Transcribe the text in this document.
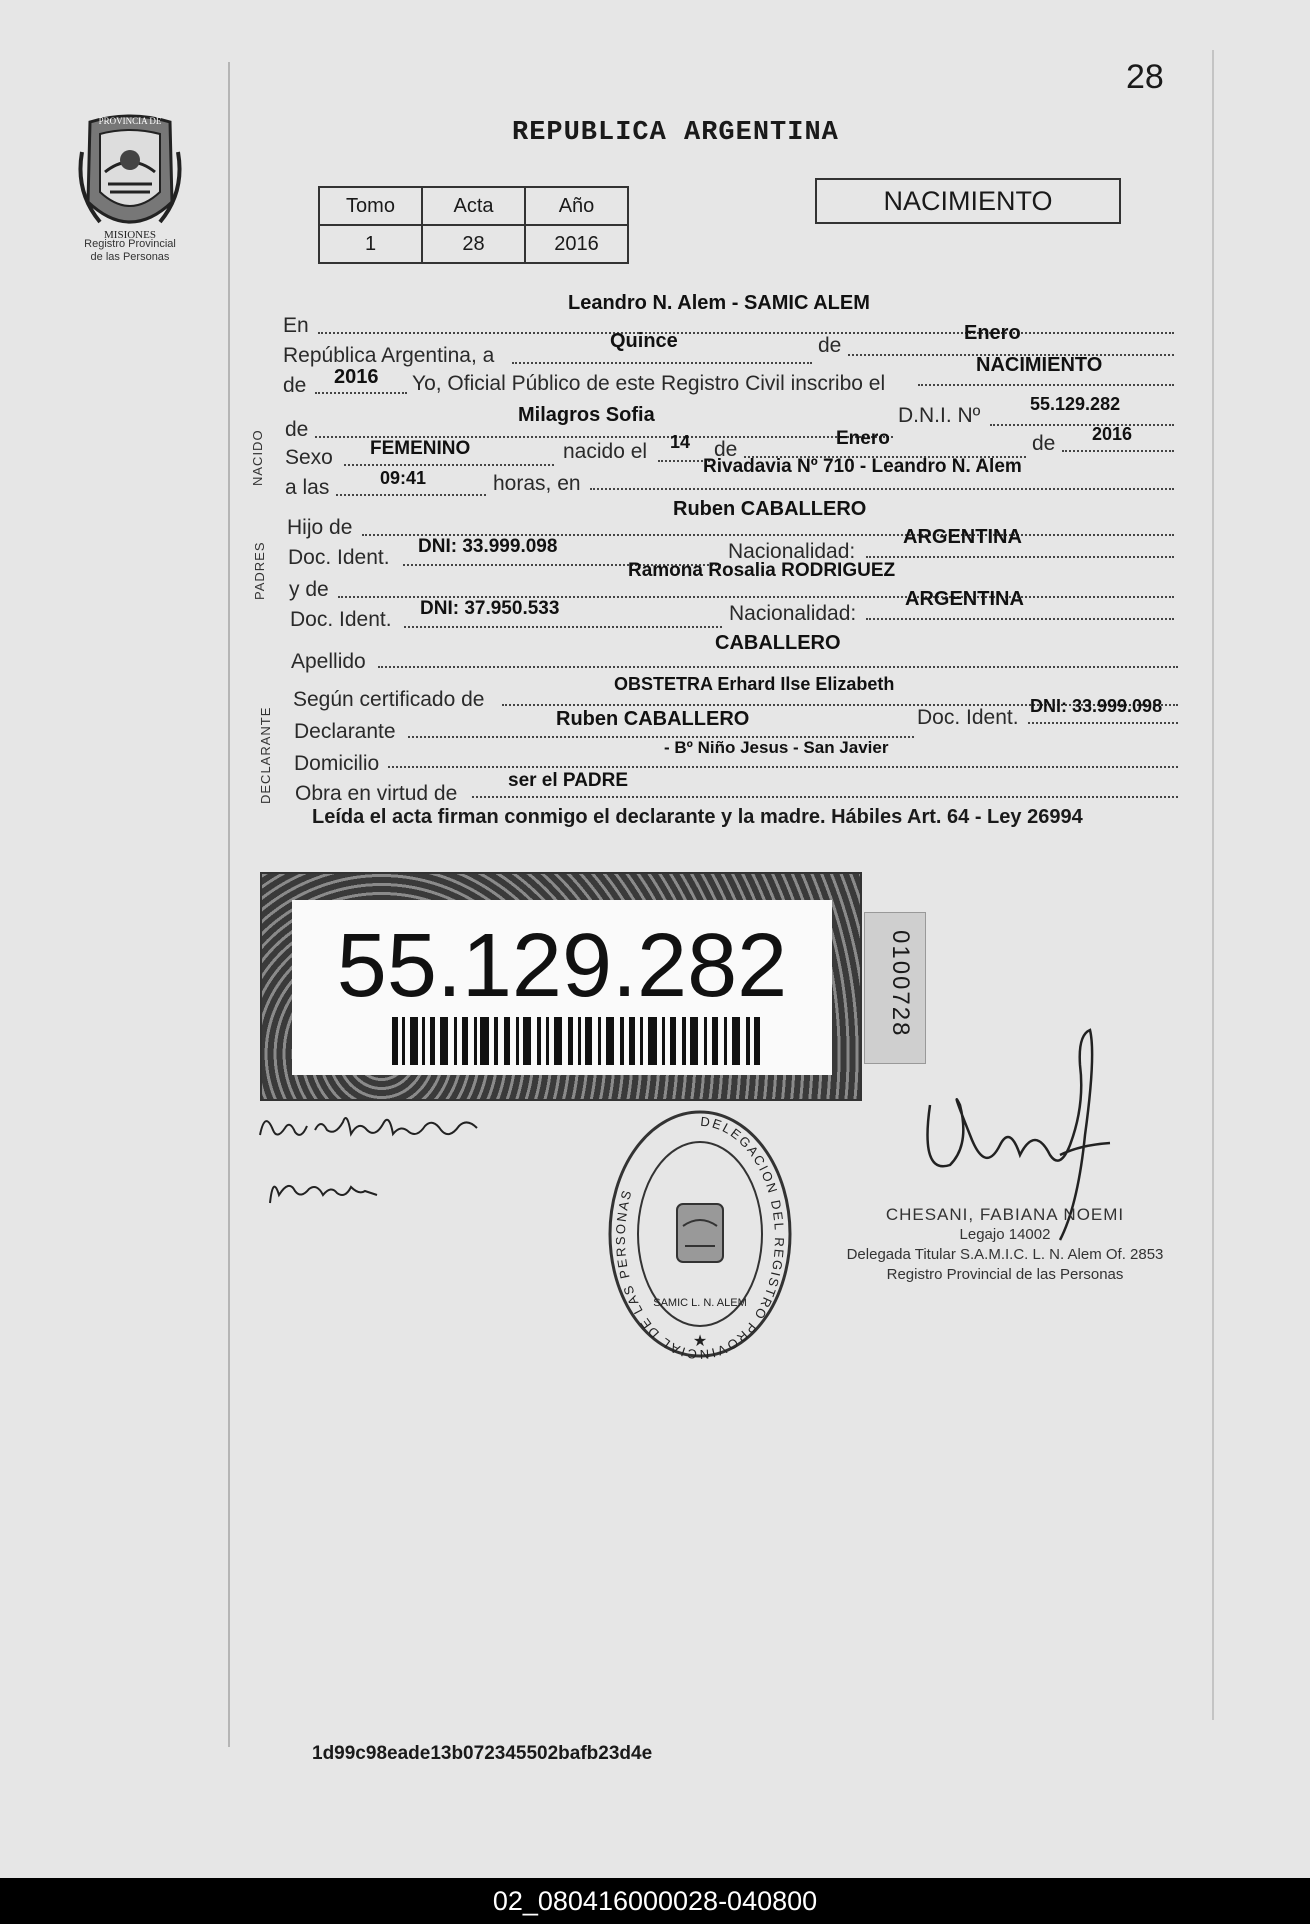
PROVINCIA DE
MISIONES
Registro Provincial
de las Personas
28
REPUBLICA ARGENTINA
Tomo	Acta	Año
1	28	2016
NACIMIENTO
En
Leandro N. Alem - SAMIC ALEM
República Argentina, a
Quince	de
Enero
de 2016 Yo, Oficial Público de este Registro Civil inscribo el
NACIMIENTO
NACIDO de
Milagros Sofia	D.N.I. Nº	55.129.282
Sexo FEMENINO	nacido el 14 de	Enero	de 2016
a las	09:41	horas, en
Rivadavia Nº 710 - Leandro N. Alem
PADRES
Hijo de
Ruben CABALLERO
Doc. Ident. DNI: 33.999.098	Nacionalidad:
ARGENTINA
y de
Ramona Rosalia RODRIGUEZ
Doc. Ident. DNI: 37.950.533	Nacionalidad:
ARGENTINA
Apellido
CABALLERO
DECLARANTE
Según certificado de
OBSTETRA Erhard Ilse Elizabeth
Declarante
Ruben CABALLERO	Doc. Ident. DNI: 33.999.098
Domicilio
- Bº Niño Jesus - San Javier
Obra en virtud de
ser el PADRE
Leída el acta firman conmigo el declarante y la madre. Hábiles Art. 64 - Ley 26994
55.129.282	0100728
DELEGACION DEL REGISTRO PROVINCIAL DE LAS PERSONAS
SAMIC L. N. ALEM
★
CHESANI, FABIANA NOEMI
Legajo 14002
Delegada Titular S.A.M.I.C. L. N. Alem Of. 2853
Registro Provincial de las Personas
1d99c98eade13b072345502bafb23d4e
02_080416000028-040800
